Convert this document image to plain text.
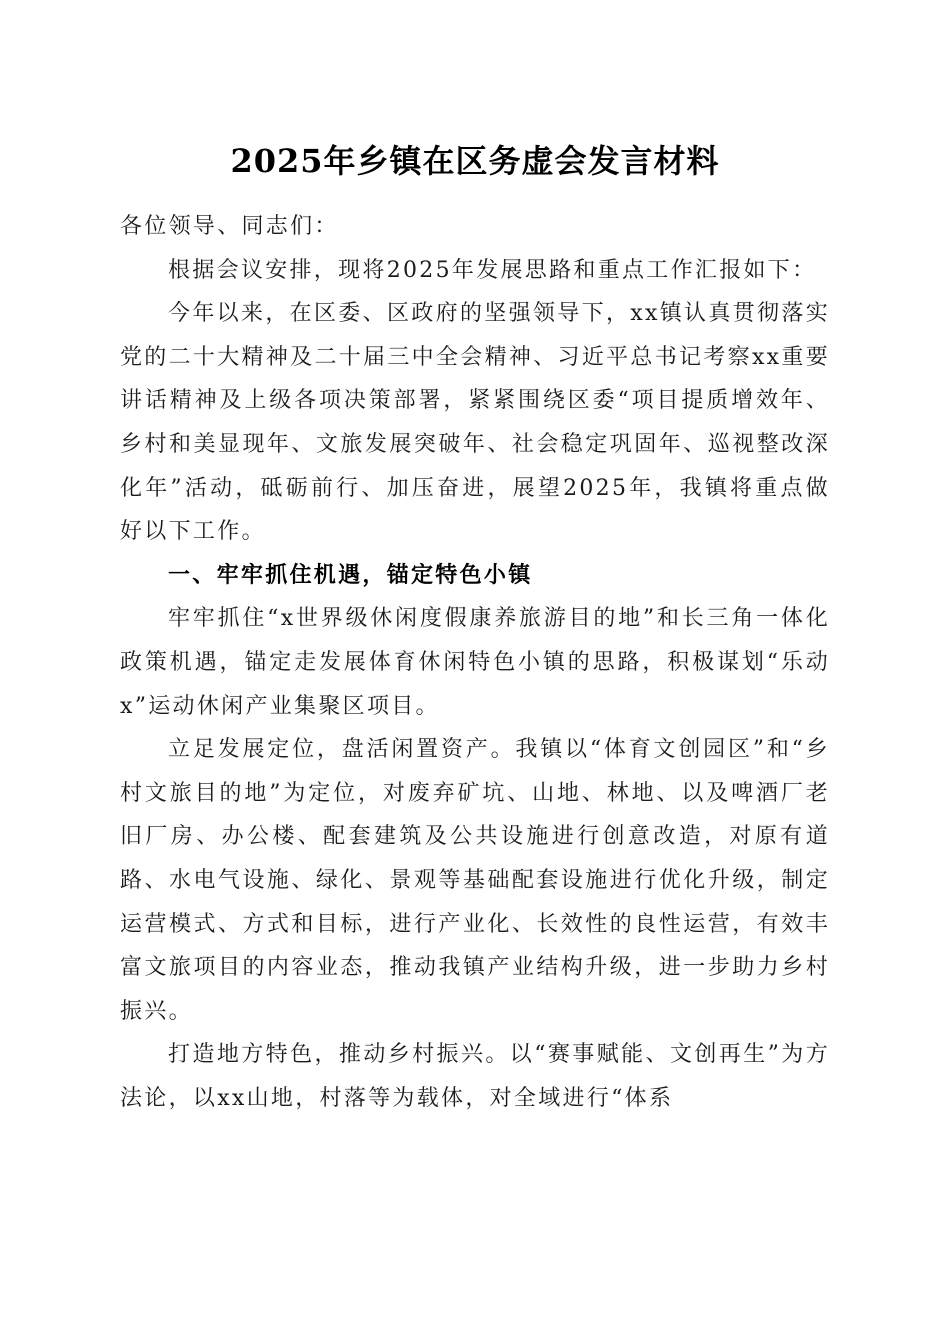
2025年乡镇在区务虚会发言材料

各位领导、同志们：

根据会议安排，现将2025年发展思路和重点工作汇报如下：

今年以来，在区委、区政府的坚强领导下，xx镇认真贯彻落实党的二十大精神及二十届三中全会精神、习近平总书记考察xx重要讲话精神及上级各项决策部署，紧紧围绕区委“项目提质增效年、乡村和美显现年、文旅发展突破年、社会稳定巩固年、巡视整改深化年”活动，砥砺前行、加压奋进，展望2025年，我镇将重点做好以下工作。

一、牢牢抓住机遇，锚定特色小镇

牢牢抓住“x世界级休闲度假康养旅游目的地”和长三角一体化政策机遇，锚定走发展体育休闲特色小镇的思路，积极谋划“乐动x”运动休闲产业集聚区项目。

立足发展定位，盘活闲置资产。我镇以“体育文创园区”和“乡村文旅目的地”为定位，对废弃矿坑、山地、林地、以及啤酒厂老旧厂房、办公楼、配套建筑及公共设施进行创意改造，对原有道路、水电气设施、绿化、景观等基础配套设施进行优化升级，制定运营模式、方式和目标，进行产业化、长效性的良性运营，有效丰富文旅项目的内容业态，推动我镇产业结构升级，进一步助力乡村振兴。

打造地方特色，推动乡村振兴。以“赛事赋能、文创再生”为方法论，以xx山地，村落等为载体，对全域进行“体系
